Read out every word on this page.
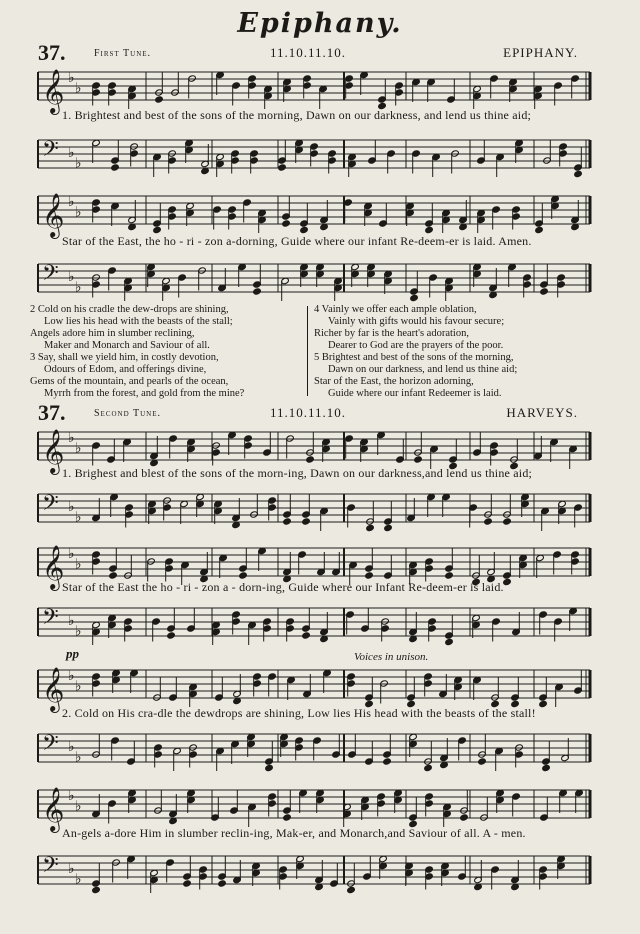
Epiphany.
37.	First Tune.	11.10.11.10.	EPIPHANY.
𝄞 ♭
♭
1. Brightest and best of the sons of the morning, Dawn on our darkness, and lend us thine aid;
𝄢 ♭
♭
𝄞 ♭
♭
Star of the East, the ho - ri - zon a-dorning, Guide where our infant Re-deem-er is laid. Amen.
𝄢 ♭
♭
2 Cold on his cradle the dew-drops are shining,
Low lies his head with the beasts of the stall;
Angels adore him in slumber reclining,
Maker and Monarch and Saviour of all.
3 Say, shall we yield him, in costly devotion,
Odours of Edom, and offerings divine,
Gems of the mountain, and pearls of the ocean,
Myrrh from the forest, and gold from the mine?
4 Vainly we offer each ample oblation,
Vainly with gifts would his favour secure;
Richer by far is the heart's adoration,
Dearer to God are the prayers of the poor.
5 Brightest and best of the sons of the morning,
Dawn on our darkness, and lend us thine aid;
Star of the East, the horizon adorning,
Guide where our infant Redeemer is laid.
37.	Second Tune.	11.10.11.10.	HARVEYS.
𝄞 ♭
♭
1. Brighest and blest of the sons of the morn-ing, Dawn on our darkness,and lend us thine aid;
𝄢 ♭
♭
𝄞 ♭
♭
Star of the East the ho - ri - zon a - dorn-ing, Guide where our Infant Re-deem-er is laid.
𝄢 ♭
♭
pp	Voices in unison.
𝄞 ♭
♭
2. Cold on His cra-dle the dewdrops are shining, Low lies His head with the beasts of the stall!
𝄢 ♭
♭
𝄞 ♭
♭
An-gels a-dore Him in slumber reclin-ing, Mak-er, and Monarch,and Saviour of all. A - men.
𝄢 ♭
♭
